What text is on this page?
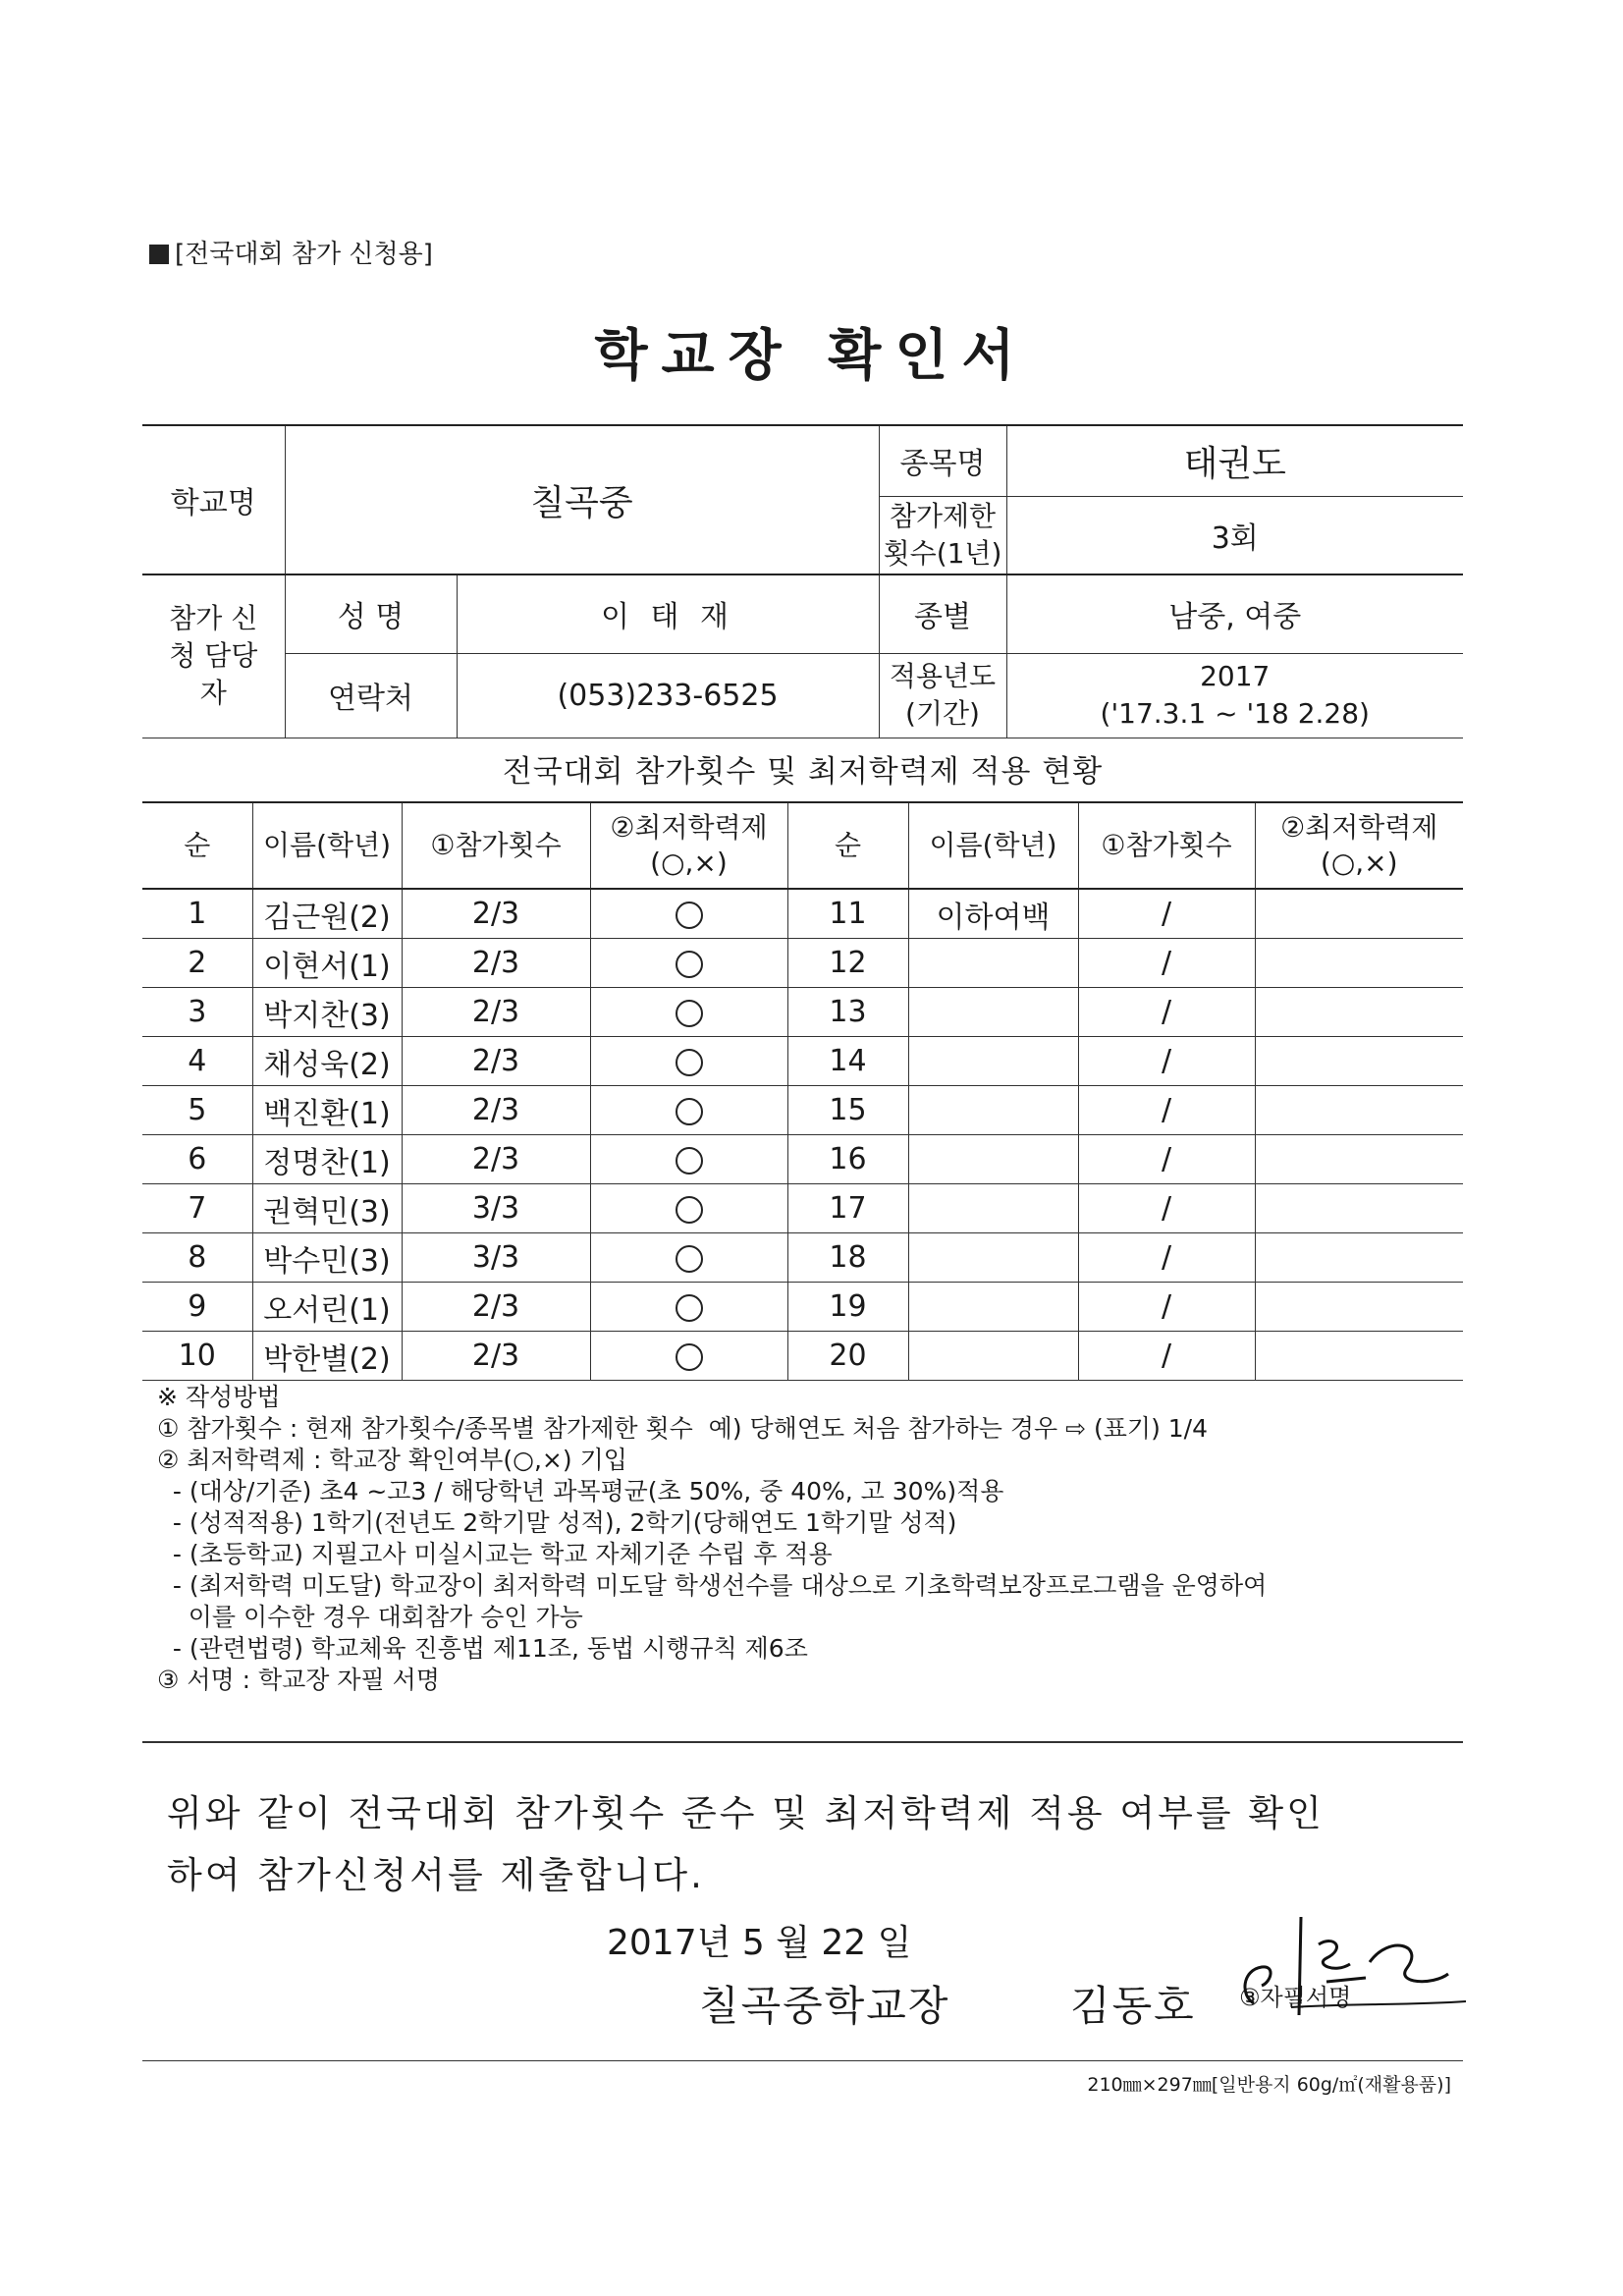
[전국대회 참가 신청용]
학교장 확인서
학교명	칠곡중		종목명	태권도
			참가제한 횟수(1년)	3회
참가 신청 담당자	성 명	이 태 재	종별	남중, 여중
	연락처	(053)233-6525	적용년도 (기간)	2017
('17.3.1 ~ '18 2.28)
전국대회 참가횟수 및 최저학력제 적용 현황
순	이름(학년)	①참가횟수	②최저학력제 (○,×)	순	이름(학년)	①참가횟수	②최저학력제 (○,×)
1	김근원(2)	2/3		11	이하여백	/	
2	이현서(1)	2/3		12		/	
3	박지찬(3)	2/3		13		/	
4	채성욱(2)	2/3		14		/	
5	백진환(1)	2/3		15		/	
6	정명찬(1)	2/3		16		/	
7	권혁민(3)	3/3		17		/	
8	박수민(3)	3/3		18		/	
9	오서린(1)	2/3		19		/	
10	박한별(2)	2/3		20		/	
※ 작성방법
① 참가횟수 : 현재 참가횟수/종목별 참가제한 횟수  예) 당해연도 처음 참가하는 경우 ⇨ (표기) 1/4
② 최저학력제 : 학교장 확인여부(○,×) 기입
- (대상/기준) 초4 ~고3 / 해당학년 과목평균(초 50%, 중 40%, 고 30%)적용
- (성적적용) 1학기(전년도 2학기말 성적), 2학기(당해연도 1학기말 성적)
- (초등학교) 지필고사 미실시교는 학교 자체기준 수립 후 적용
- (최저학력 미도달) 학교장이 최저학력 미도달 학생선수를 대상으로 기초학력보장프로그램을 운영하여
이를 이수한 경우 대회참가 승인 가능
- (관련법령) 학교체육 진흥법 제11조, 동법 시행규칙 제6조
③ 서명 : 학교장 자필 서명
위와 같이 전국대회 참가횟수 준수 및 최저학력제 적용 여부를 확인
하여 참가신청서를 제출합니다.
2017년 5 월 22 일
칠곡중학교장	김동호 ③자필서명
210㎜×297㎜[일반용지 60g/㎡(재활용품)]
